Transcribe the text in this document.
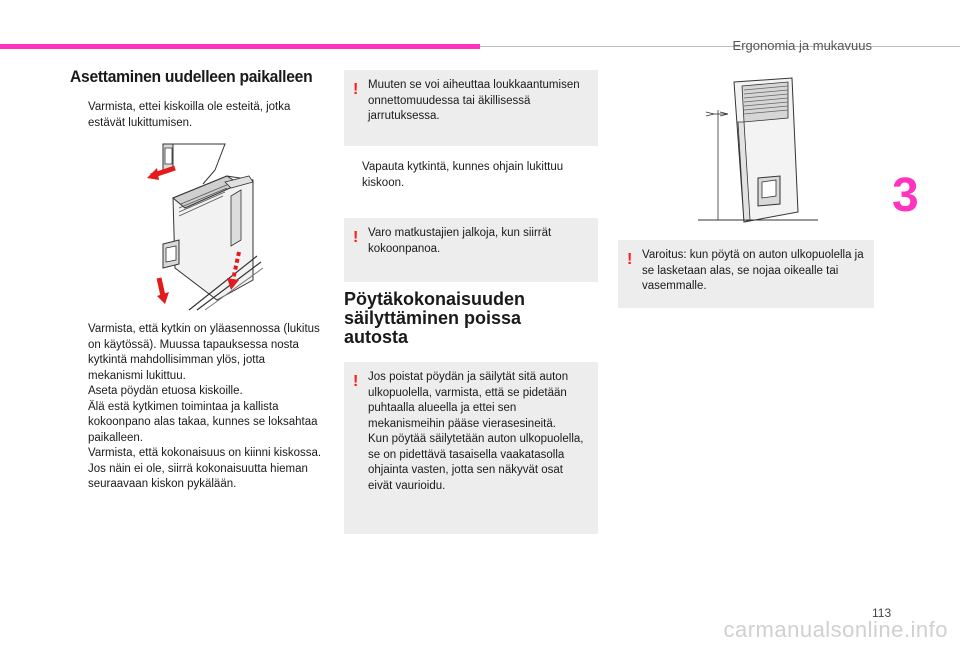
Ergonomia ja mukavuus
3
113
carmanualsonline.info
Asettaminen uudelleen paikalleen
Varmista, ettei kiskoilla ole esteitä, jotka estävät lukittumisen.
Varmista, että kytkin on yläasennossa (lukitus on käytössä). Muussa tapauksessa nosta kytkintä mahdollisimman ylös, jotta mekanismi lukittuu.
Aseta pöydän etuosa kiskoille.
Älä estä kytkimen toimintaa ja kallista kokoonpano alas takaa, kunnes se loksahtaa paikalleen.
Varmista, että kokonaisuus on kiinni kiskossa. Jos näin ei ole, siirrä kokonaisuutta hieman seuraavaan kiskon pykälään.
! Muuten se voi aiheuttaa loukkaantumisen onnettomuudessa tai äkillisessä jarrutuksessa.

Vapauta kytkintä, kunnes ohjain lukittuu kiskoon.
! Varo matkustajien jalkoja, kun siirrät kokoonpanoa.

Pöytäkokonaisuuden säilyttäminen poissa autosta
! Jos poistat pöydän ja säilytät sitä auton ulkopuolella, varmista, että se pidetään puhtaalla alueella ja ettei sen mekanismeihin pääse vierasesineitä.

Kun pöytää säilytetään auton ulkopuolella, se on pidettävä tasaisella vaakatasolla ohjainta vasten, jotta sen näkyvät osat eivät vaurioidu.

! Varoitus: kun pöytä on auton ulkopuolella ja se lasketaan alas, se nojaa oikealle tai vasemmalle.
